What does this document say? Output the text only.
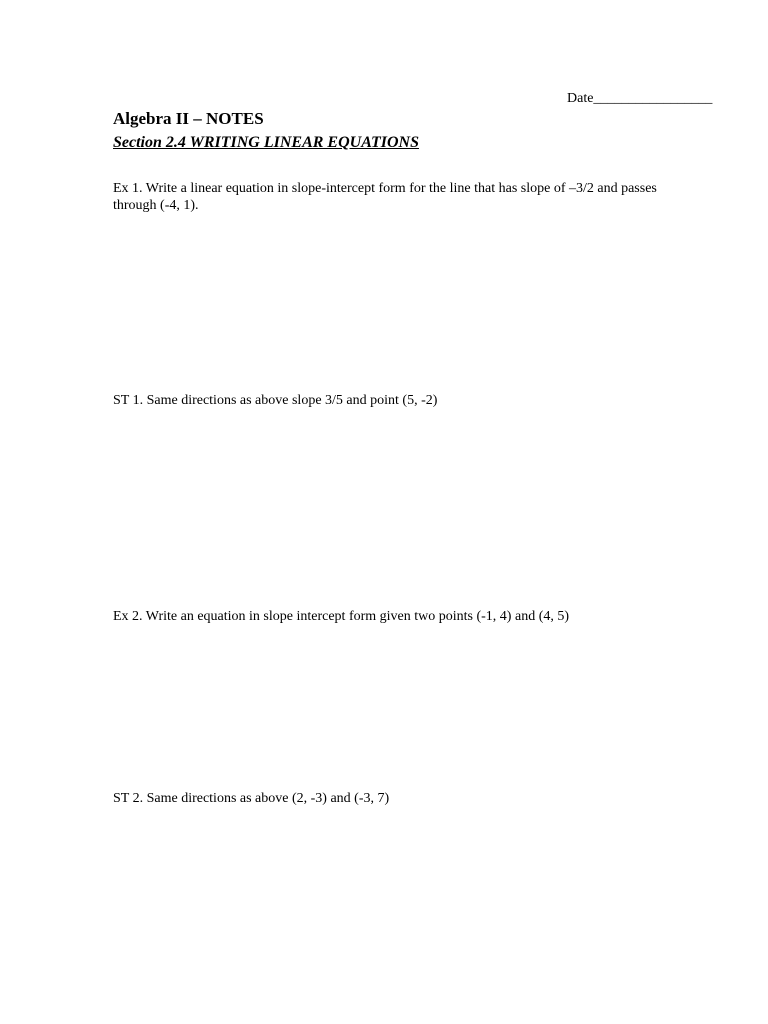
Date_________________
Algebra II – NOTES
Section 2.4 WRITING LINEAR EQUATIONS
Ex 1. Write a linear equation in slope-intercept form for the line that has slope of –3/2 and passes through (-4, 1).
ST 1. Same directions as above slope 3/5 and point (5, -2)
Ex 2. Write an equation in slope intercept form given two points (-1, 4) and (4, 5)
ST 2. Same directions as above (2, -3) and (-3, 7)
